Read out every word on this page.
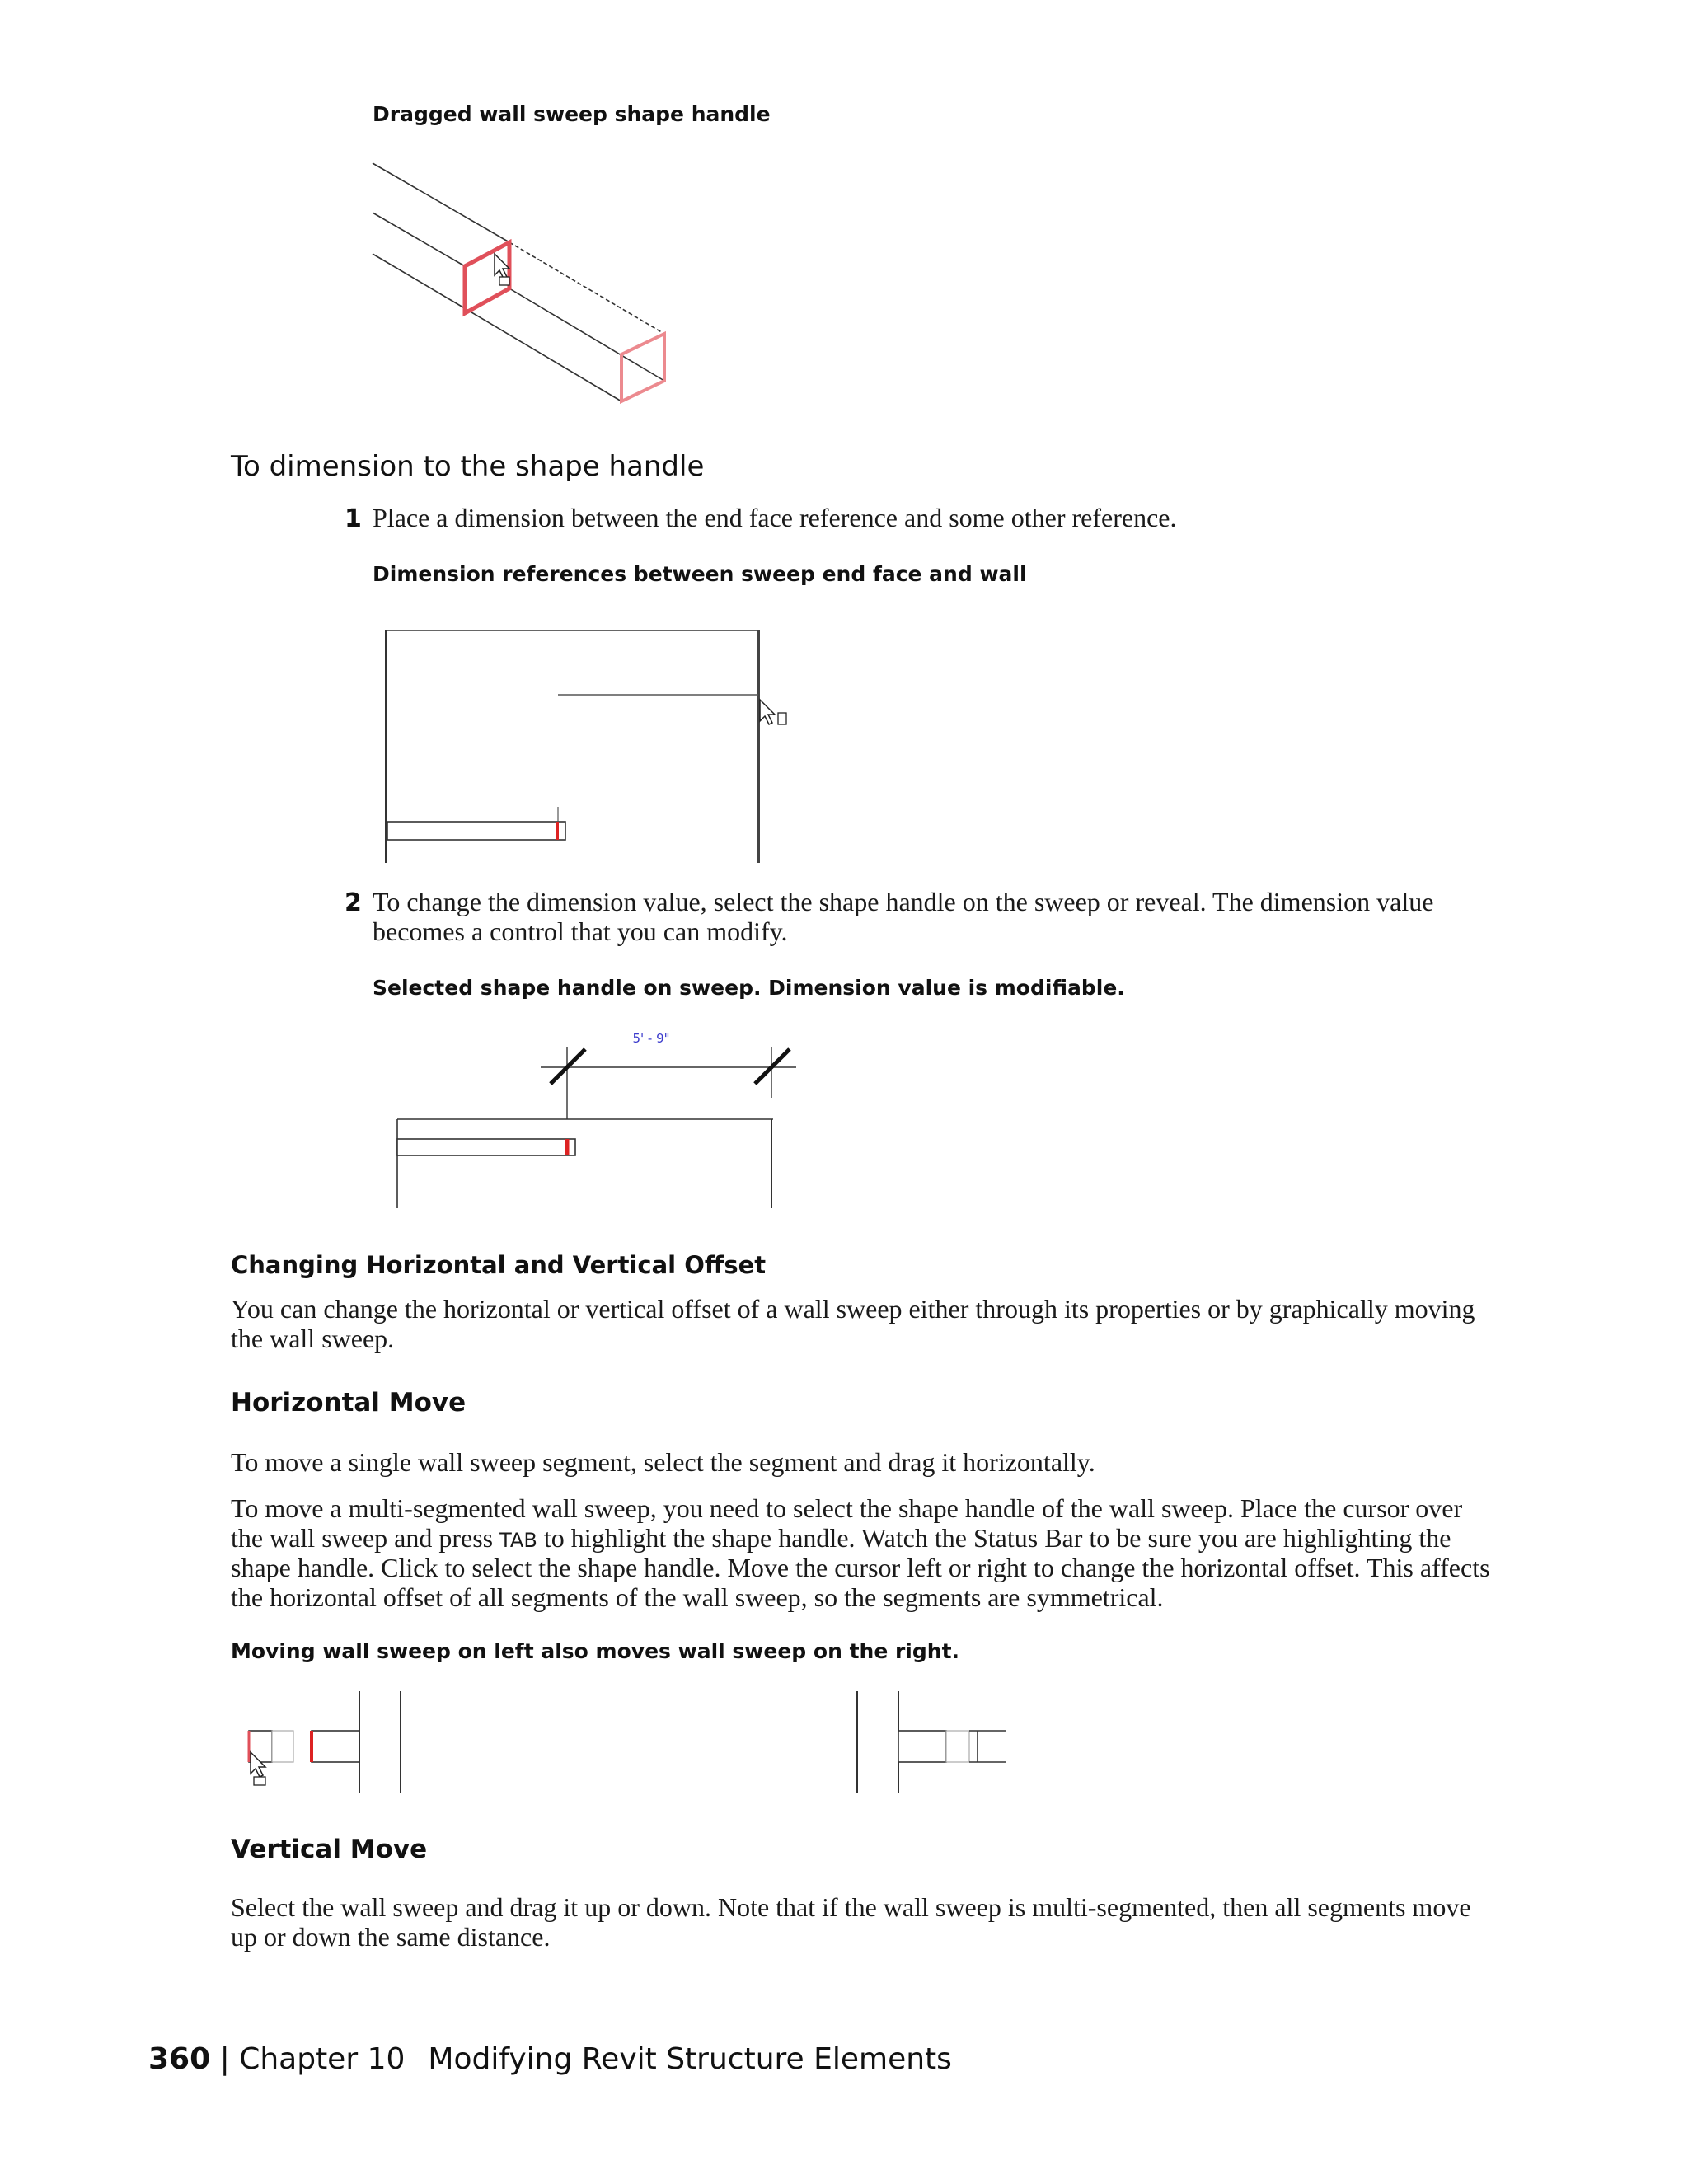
Dragged wall sweep shape handle
To dimension to the shape handle
1 Place a dimension between the end face reference and some other reference.
Dimension references between sweep end face and wall
2 To change the dimension value, select the shape handle on the sweep or reveal. The dimension value
becomes a control that you can modify.
Selected shape handle on sweep. Dimension value is modifiable.
5' - 9"
Changing Horizontal and Vertical Offset
You can change the horizontal or vertical offset of a wall sweep either through its properties or by graphically moving
the wall sweep.
Horizontal Move
To move a single wall sweep segment, select the segment and drag it horizontally.
To move a multi-segmented wall sweep, you need to select the shape handle of the wall sweep. Place the cursor over
the wall sweep and press TAB to highlight the shape handle. Watch the Status Bar to be sure you are highlighting the
shape handle. Click to select the shape handle. Move the cursor left or right to change the horizontal offset. This affects
the horizontal offset of all segments of the wall sweep, so the segments are symmetrical.
Moving wall sweep on left also moves wall sweep on the right.
Vertical Move
Select the wall sweep and drag it up or down. Note that if the wall sweep is multi-segmented, then all segments move
up or down the same distance.
360 | Chapter 10 Modifying Revit Structure Elements
